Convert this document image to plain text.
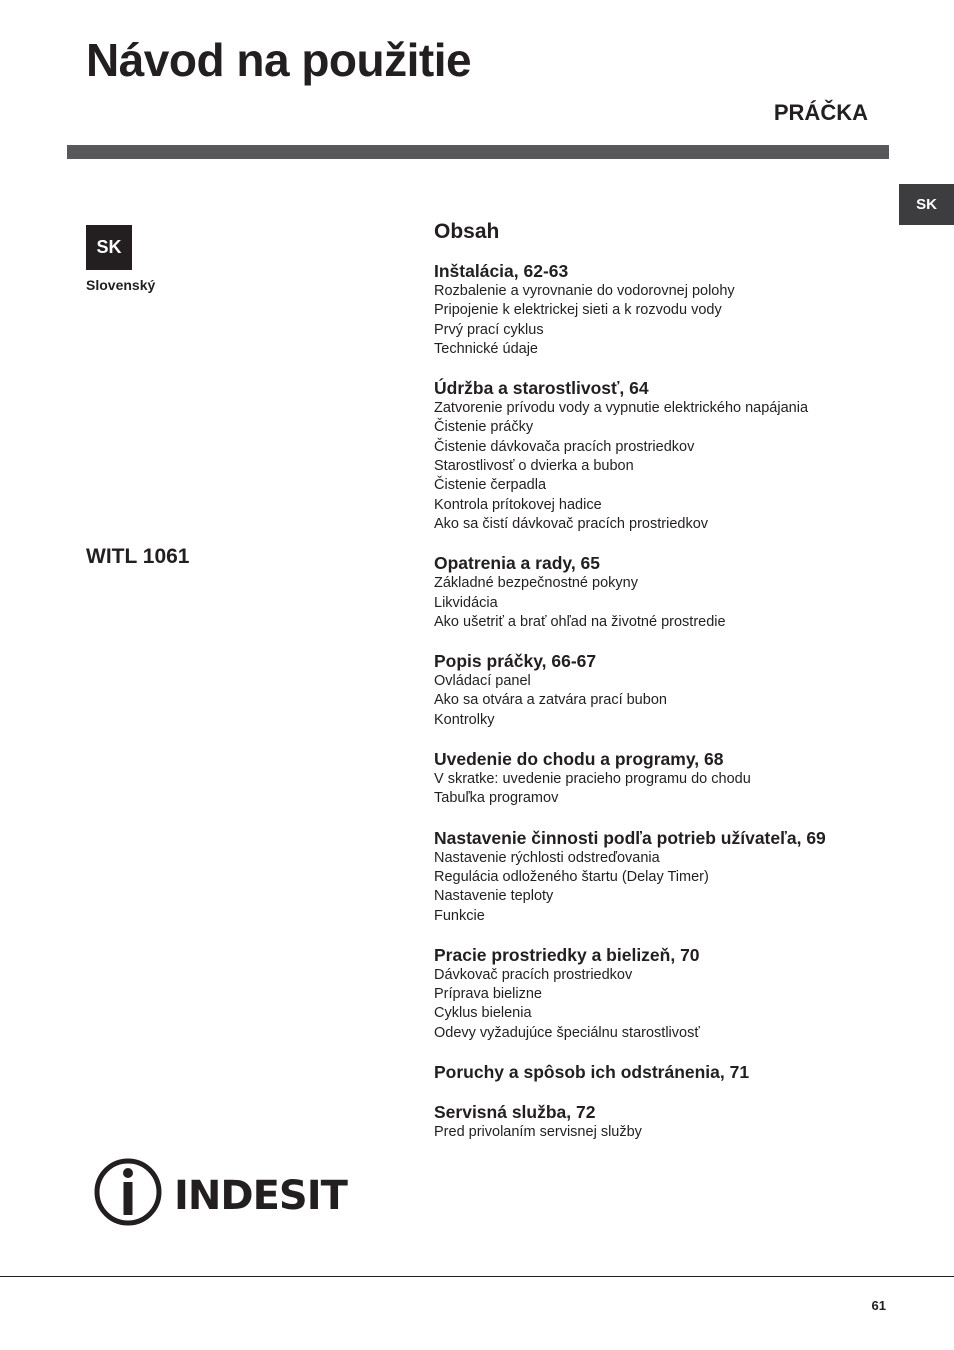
Návod na použitie
PRÁČKA
SK
SK
Slovenský
WITL 1061
Obsah
Inštalácia, 62-63
Rozbalenie a vyrovnanie do vodorovnej polohy
Pripojenie k elektrickej sieti a k rozvodu vody
Prvý prací cyklus
Technické údaje
Údržba a starostlivosť, 64
Zatvorenie prívodu vody a vypnutie elektrického napájania
Čistenie práčky
Čistenie dávkovača pracích prostriedkov
Starostlivosť o dvierka a bubon
Čistenie čerpadla
Kontrola prítokovej hadice
Ako sa čistí dávkovač pracích prostriedkov
Opatrenia a rady, 65
Základné bezpečnostné pokyny
Likvidácia
Ako ušetriť a brať ohľad na životné prostredie
Popis práčky, 66-67
Ovládací panel
Ako sa otvára a zatvára prací bubon
Kontrolky
Uvedenie do chodu a programy, 68
V skratke: uvedenie pracieho programu do chodu
Tabuľka programov
Nastavenie činnosti podľa potrieb užívateľa, 69
Nastavenie rýchlosti odstreďovania
Regulácia odloženého štartu (Delay Timer)
Nastavenie teploty
Funkcie
Pracie prostriedky a bielizeň, 70
Dávkovač pracích prostriedkov
Príprava bielizne
Cyklus bielenia
Odevy vyžadujúce špeciálnu starostlivosť
Poruchy a spôsob ich odstránenia, 71
Servisná služba, 72
Pred privolaním servisnej služby
INDESIT
61
